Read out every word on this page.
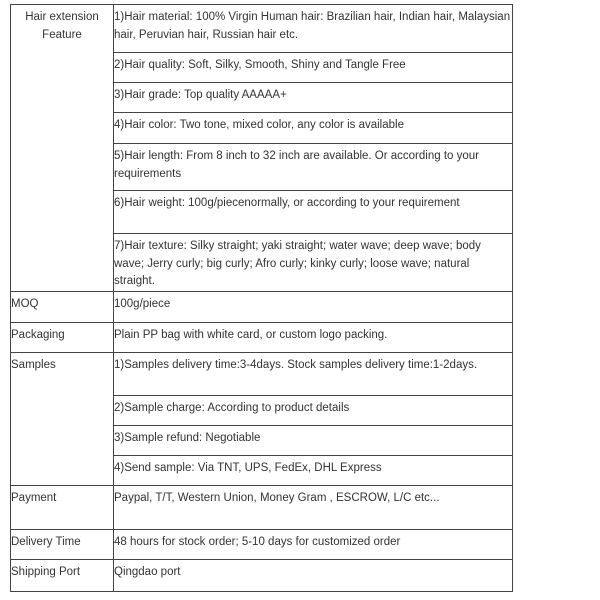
Hair extension Feature	1)Hair material: 100% Virgin Human hair: Brazilian hair, Indian hair, Malaysian hair, Peruvian hair, Russian hair etc.
	2)Hair quality: Soft, Silky, Smooth, Shiny and Tangle Free
	3)Hair grade: Top quality AAAAA+
	4)Hair color: Two tone, mixed color, any color is available
	5)Hair length: From 8 inch to 32 inch are available. Or according to your requirements
	6)Hair weight: 100g/piecenormally, or according to your requirement
	7)Hair texture: Silky straight; yaki straight; water wave; deep wave; body wave; Jerry curly; big curly; Afro curly; kinky curly; loose wave; natural straight.
MOQ	100g/piece
Packaging	Plain PP bag with white card, or custom logo packing.
Samples	1)Samples delivery time:3-4days. Stock samples delivery time:1-2days.
	2)Sample charge: According to product details
	3)Sample refund: Negotiable
	4)Send sample: Via TNT, UPS, FedEx, DHL Express
Payment	Paypal, T/T, Western Union, Money Gram , ESCROW, L/C etc...
Delivery Time	48 hours for stock order; 5-10 days for customized order
Shipping Port	Qingdao port
